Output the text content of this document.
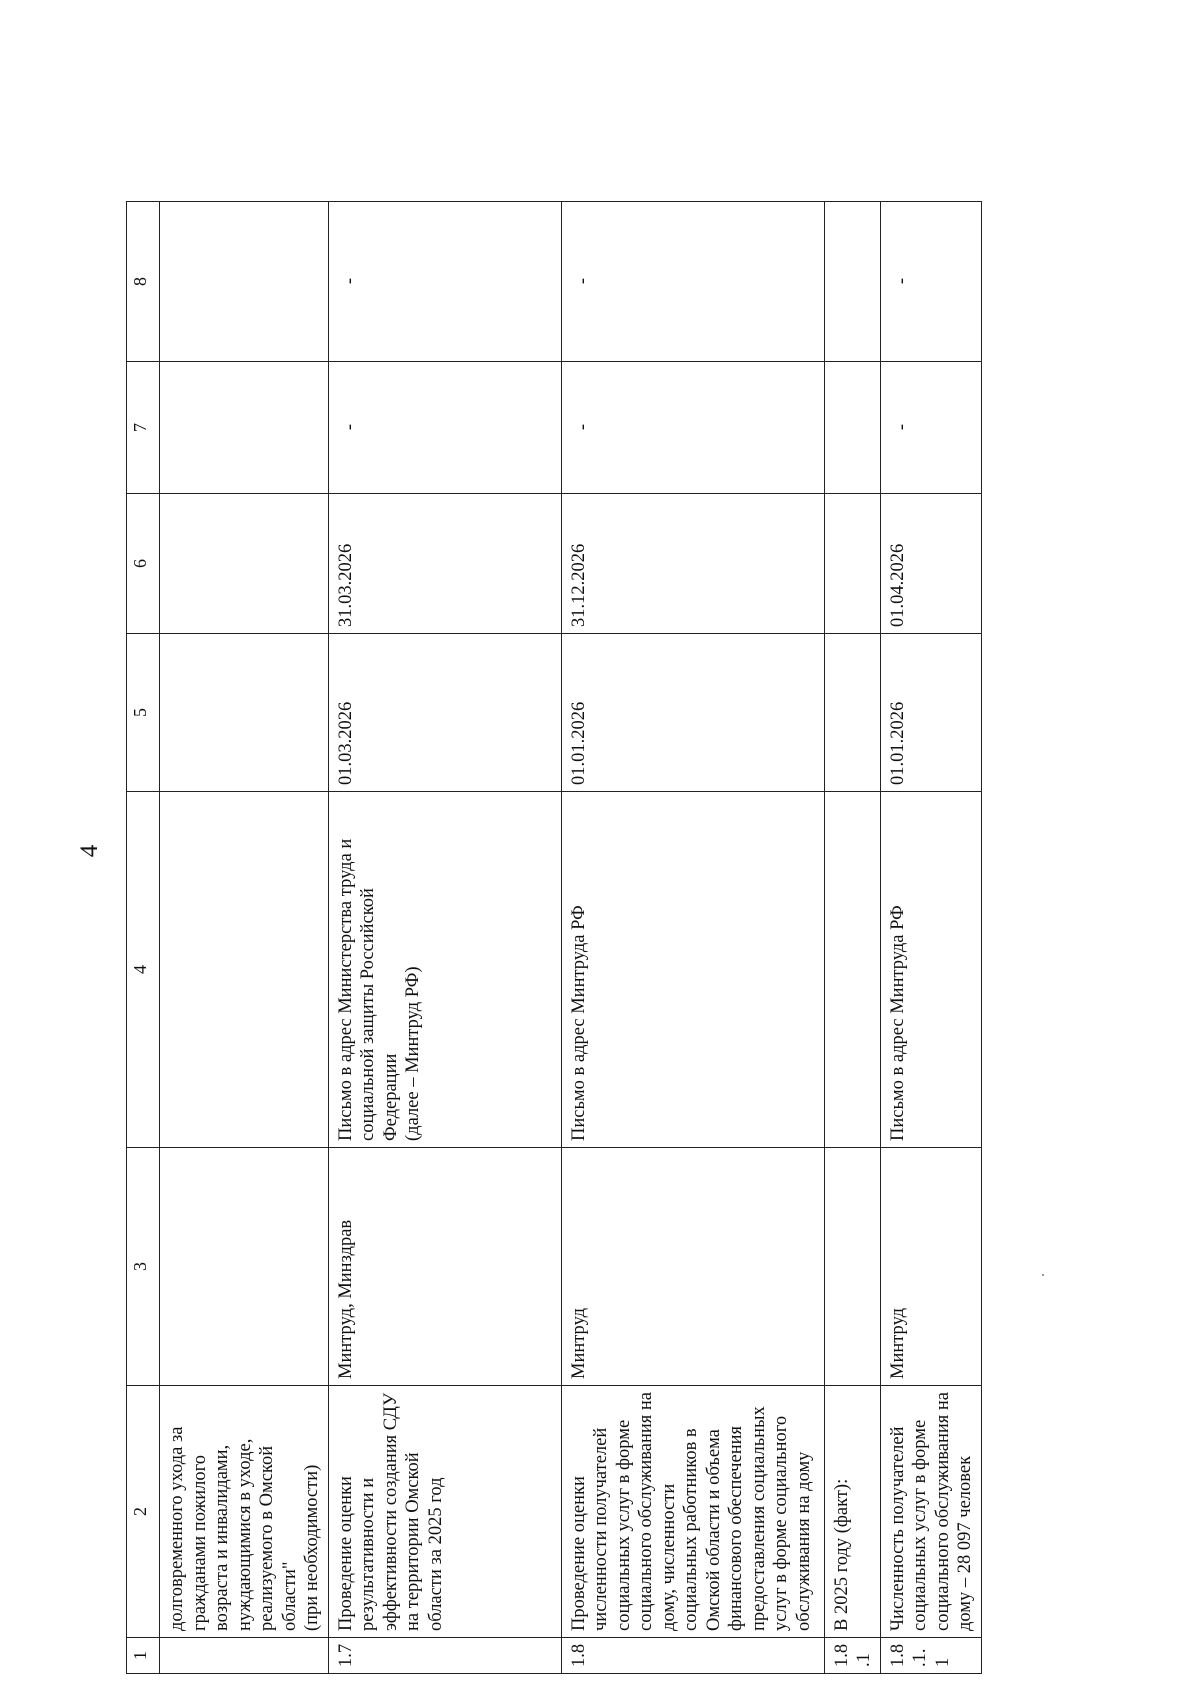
4
1	2	3	4	5	6	7	8
	долговременного ухода за гражданами пожилого возраста и инвалидами, нуждающимися в уходе, реализуемого в Омской области"
(при необходимости)						
1.7	Проведение оценки результативности и эффективности создания СДУ на территории Омской области за 2025 год	Минтруд, Минздрав	Письмо в адрес Министерства труда и социальной защиты Российской Федерации
(далее – Минтруд РФ)	01.03.2026	31.03.2026	-	-
1.8	Проведение оценки численности получателей социальных услуг в форме социального обслуживания на дому, численности социальных работников в Омской области и объема финансового обеспечения предоставления социальных услуг в форме социального обслуживания на дому	Минтруд	Письмо в адрес Минтруда РФ	01.01.2026	31.12.2026	-	-
1.8.1	В 2025 году (факт):						
1.8.1.1	Численность получателей социальных услуг в форме социального обслуживания на дому – 28 097 человек	Минтруд	Письмо в адрес Минтруда РФ	01.01.2026	01.04.2026	-	-
